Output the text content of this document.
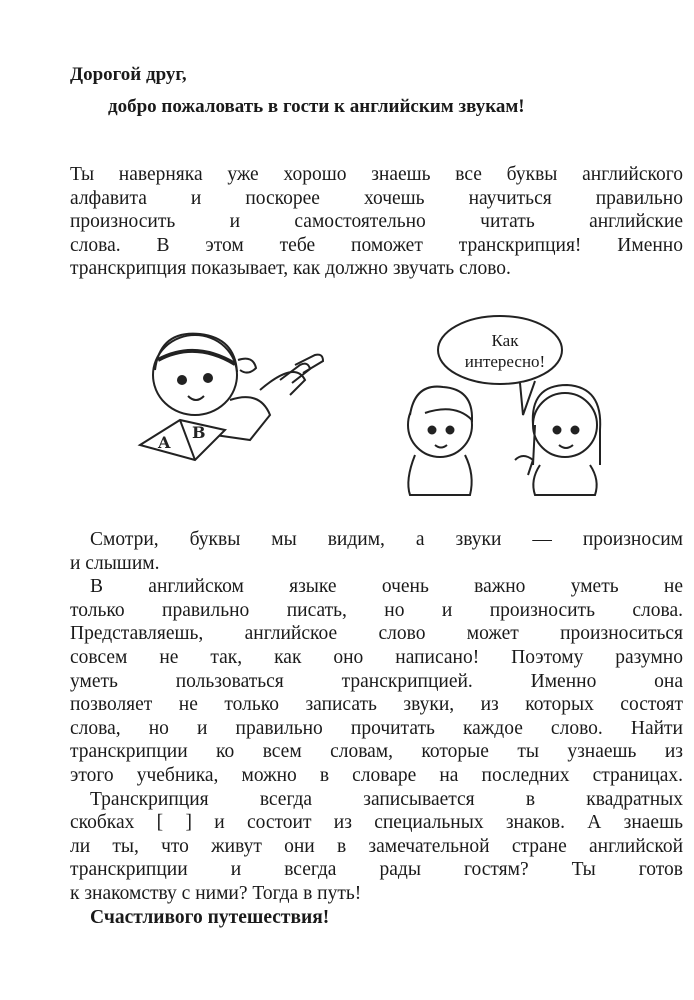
Дорогой друг,
добро пожаловать в гости к английским звукам!
Ты наверняка уже хорошо знаешь все буквы английского
алфавита и поскорее хочешь научиться правильно
произносить и самостоятельно читать английские
слова. В этом тебе поможет транскрипция! Именно
транскрипция показывает, как должно звучать слово.
A
B
Как
интересно!
Смотри, буквы мы видим, а звуки — произносим
и слышим.
В английском языке очень важно уметь не
только правильно писать, но и произносить слова.
Представляешь, английское слово может произноситься
совсем не так, как оно написано! Поэтому разумно
уметь пользоваться транскрипцией. Именно она
позволяет не только записать звуки, из которых состоят
слова, но и правильно прочитать каждое слово. Найти
транскрипции ко всем словам, которые ты узнаешь из
этого учебника, можно в словаре на последних страницах.
Транскрипция всегда записывается в квадратных
скобках [ ] и состоит из специальных знаков. А знаешь
ли ты, что живут они в замечательной стране английской
транскрипции и всегда рады гостям? Ты готов
к знакомству с ними? Тогда в путь!
Счастливого путешествия!
